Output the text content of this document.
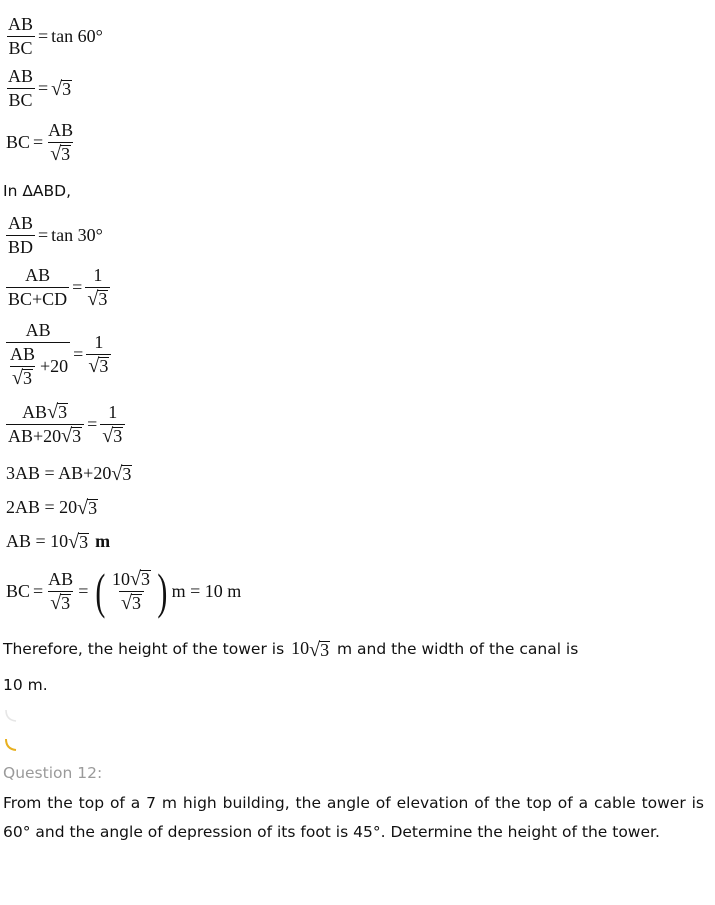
$\frac{AB}{BC} = \tan 60^\circ$
$\frac{AB}{BC}$ = √ 3
BC = $\frac{AB}{√ 3}$
In ΔABD,
$\frac{AB}{BD} = \tan 30^\circ$
$\frac{AB}{BC+CD} = \frac{1}{√ 3}$
$\frac{AB}{\frac{AB}{√ 3} +20} = \frac{1}{√ 3}$
$\frac{AB √ 3}{AB+20 √ 3} = \frac{1}{√ 3}$
3AB = AB+20 √ 3
2AB = 20 √ 3
AB = 10 √ 3 m
BC = $\frac{AB}{√ 3}$ = ( $\frac{10 √ 3}{√ 3}$ ) m = 10 m
Therefore, the height of the tower is 10 √ 3 m and the width of the canal is
10 m.
Question 12:
From the top of a 7 m high building, the angle of elevation of the top of a cable tower is 60° and the angle of depression of its foot is 45°. Determine the height of the tower.
